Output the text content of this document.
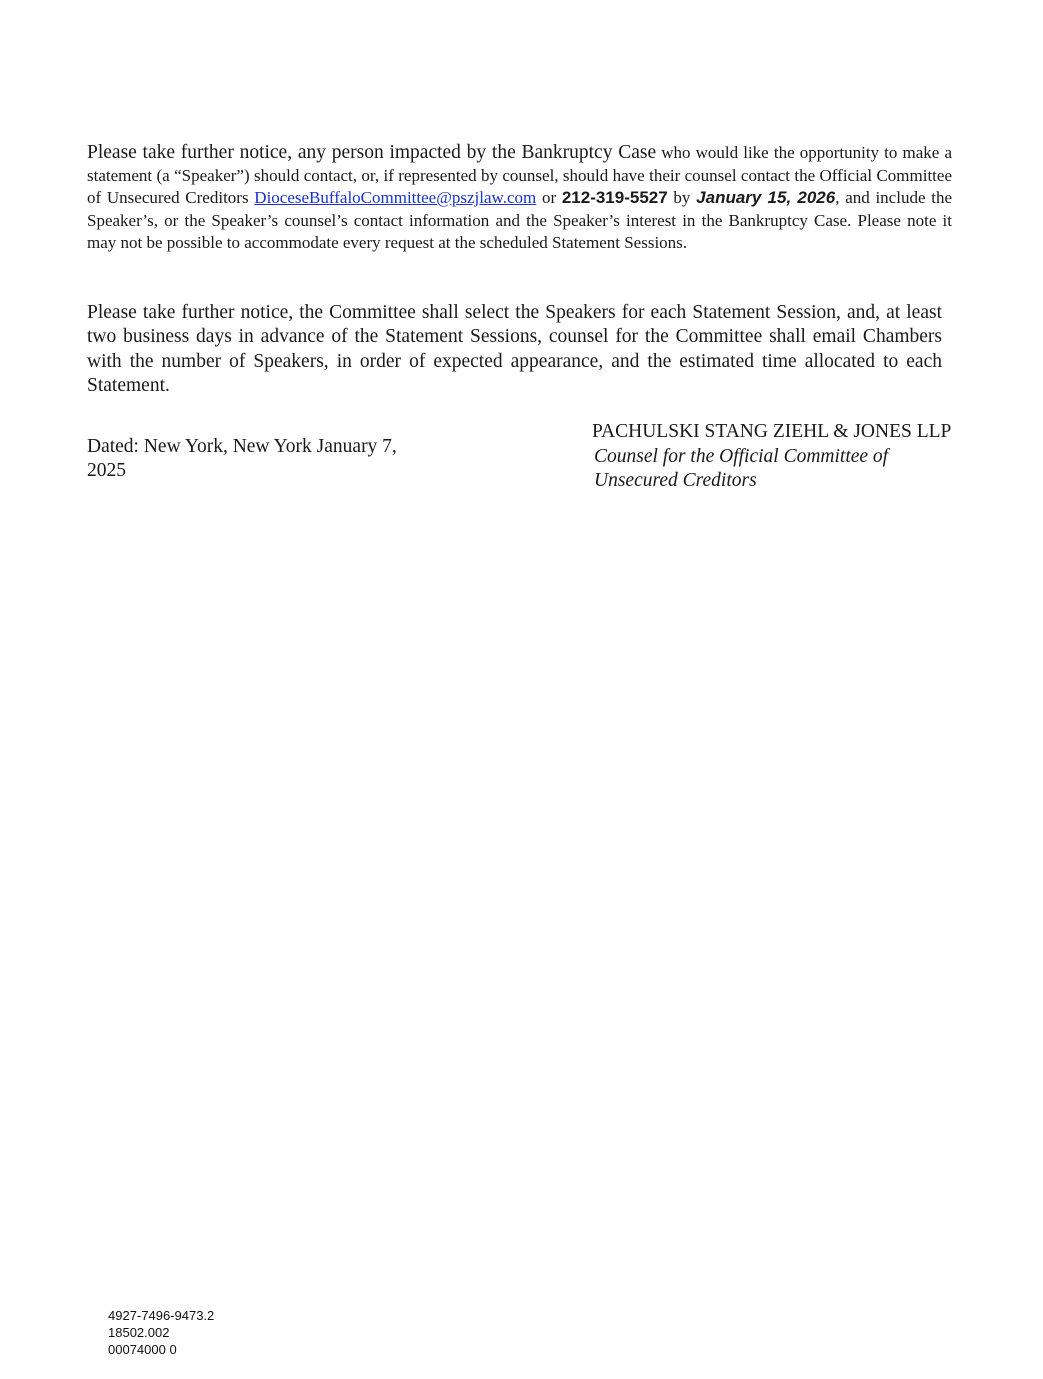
Please take further notice, any person impacted by the Bankruptcy Case who would like the opportunity to make a statement (a “Speaker”) should contact, or, if represented by counsel, should have their counsel contact the Official Committee of Unsecured Creditors DioceseBuffaloCommittee@pszjlaw.com or 212-319-5527 by January 15, 2026, and include the Speaker’s, or the Speaker’s counsel’s contact information and the Speaker’s interest in the Bankruptcy Case. Please note it may not be possible to accommodate every request at the scheduled Statement Sessions.

Please take further notice, the Committee shall select the Speakers for each Statement Session, and, at least two business days in advance of the Statement Sessions, counsel for the Committee shall email Chambers with the number of Speakers, in order of expected appearance, and the estimated time allocated to each Statement.

Dated: New York, New York January 7, 2025

PACHULSKI STANG ZIEHL & JONES LLP
Counsel for the Official Committee of Unsecured Creditors
4927-7496-9473.2
18502.002
00074000 0
